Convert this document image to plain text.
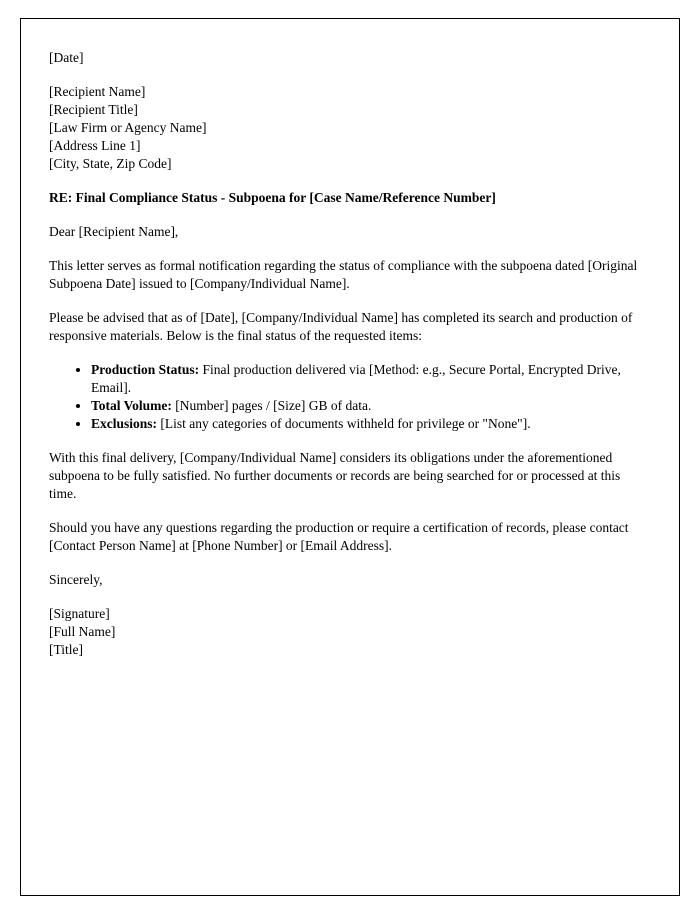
[Date]
[Recipient Name]
[Recipient Title]
[Law Firm or Agency Name]
[Address Line 1]
[City, State, Zip Code]
RE: Final Compliance Status - Subpoena for [Case Name/Reference Number]
Dear [Recipient Name],
This letter serves as formal notification regarding the status of compliance with the subpoena dated [Original Subpoena Date] issued to [Company/Individual Name].
Please be advised that as of [Date], [Company/Individual Name] has completed its search and production of responsive materials. Below is the final status of the requested items:
• Production Status: Final production delivered via [Method: e.g., Secure Portal, Encrypted Drive, Email].
• Total Volume: [Number] pages / [Size] GB of data.
• Exclusions: [List any categories of documents withheld for privilege or "None"].
With this final delivery, [Company/Individual Name] considers its obligations under the aforementioned subpoena to be fully satisfied. No further documents or records are being searched for or processed at this time.
Should you have any questions regarding the production or require a certification of records, please contact [Contact Person Name] at [Phone Number] or [Email Address].
Sincerely,
[Signature]
[Full Name]
[Title]
